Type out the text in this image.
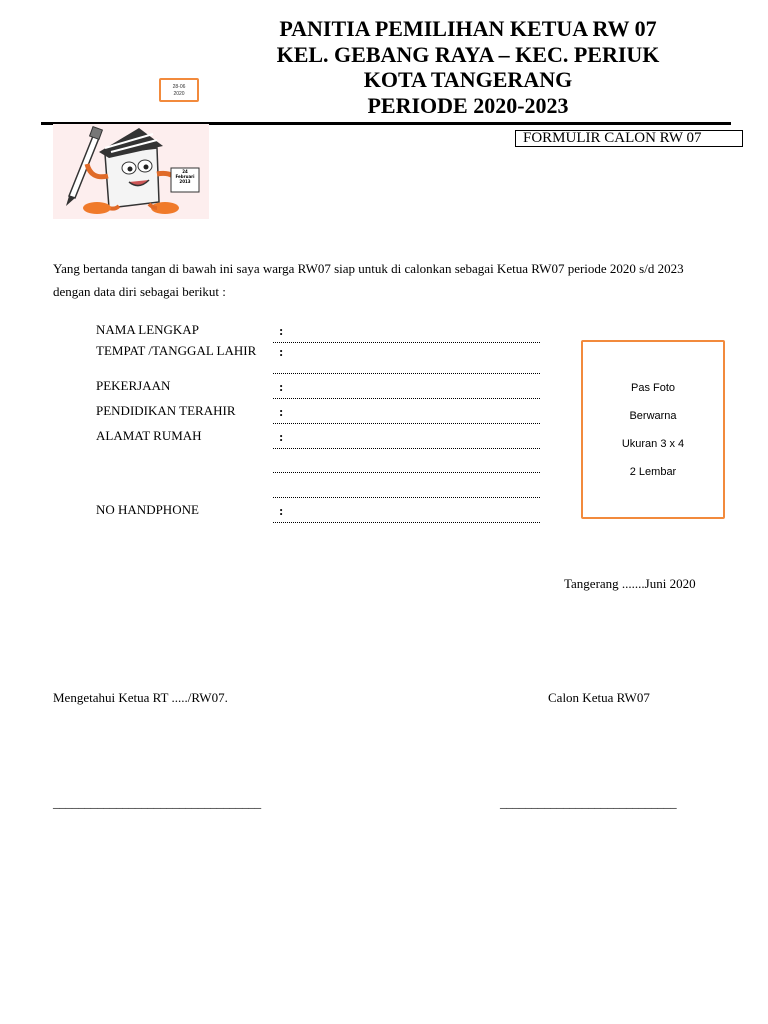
PANITIA PEMILIHAN KETUA RW 07
KEL. GEBANG RAYA – KEC. PERIUK
KOTA TANGERANG
PERIODE 2020-2023
28-06
2020
24
Februari
2013
FORMULIR CALON RW 07
Yang bertanda tangan di bawah ini saya warga RW07 siap untuk di calonkan sebagai Ketua RW07 periode 2020 s/d 2023 dengan data diri sebagai berikut :
NAMA LENGKAP	:
TEMPAT /TANGGAL LAHIR	:
PEKERJAAN	:
PENDIDIKAN TERAHIR	:
ALAMAT RUMAH	:
NO HANDPHONE	:
Pas Foto
Berwarna
Ukuran 3 x 4
2 Lembar
Tangerang .......Juni 2020
Mengetahui Ketua RT ...../RW07.	Calon Ketua RW07
_________________________________	____________________________
